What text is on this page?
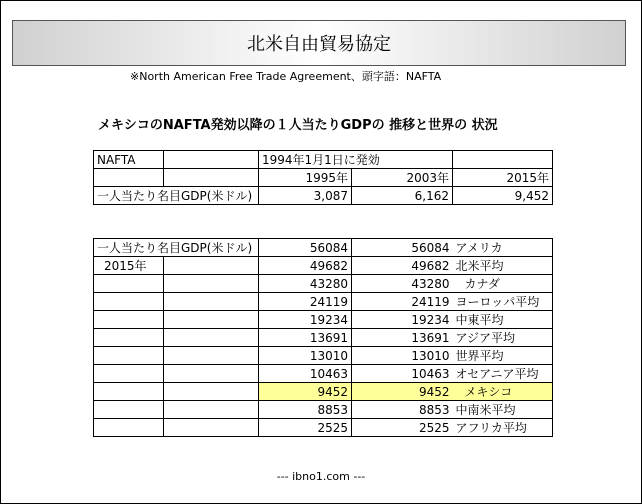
北米自由貿易協定
※North American Free Trade Agreement、頭字語：NAFTA
メキシコのNAFTA発効以降の１人当たりGDPの 推移と世界の 状況
NAFTA		1994年1月1日に発効		
		1995年	2003年	2015年
一人当たり名目GDP(米ドル)		3,087	6,162	9,452
一人当たり名目GDP(米ドル)		56084	56084	アメリカ
2015年		49682	49682	北米平均
		43280	43280	カナダ
		24119	24119	ヨーロッパ平均
		19234	19234	中東平均
		13691	13691	アジア平均
		13010	13010	世界平均
		10463	10463	オセアニア平均
		9452	9452	メキシコ
		8853	8853	中南米平均
		2525	2525	アフリカ平均
--- ibno1.com ---
